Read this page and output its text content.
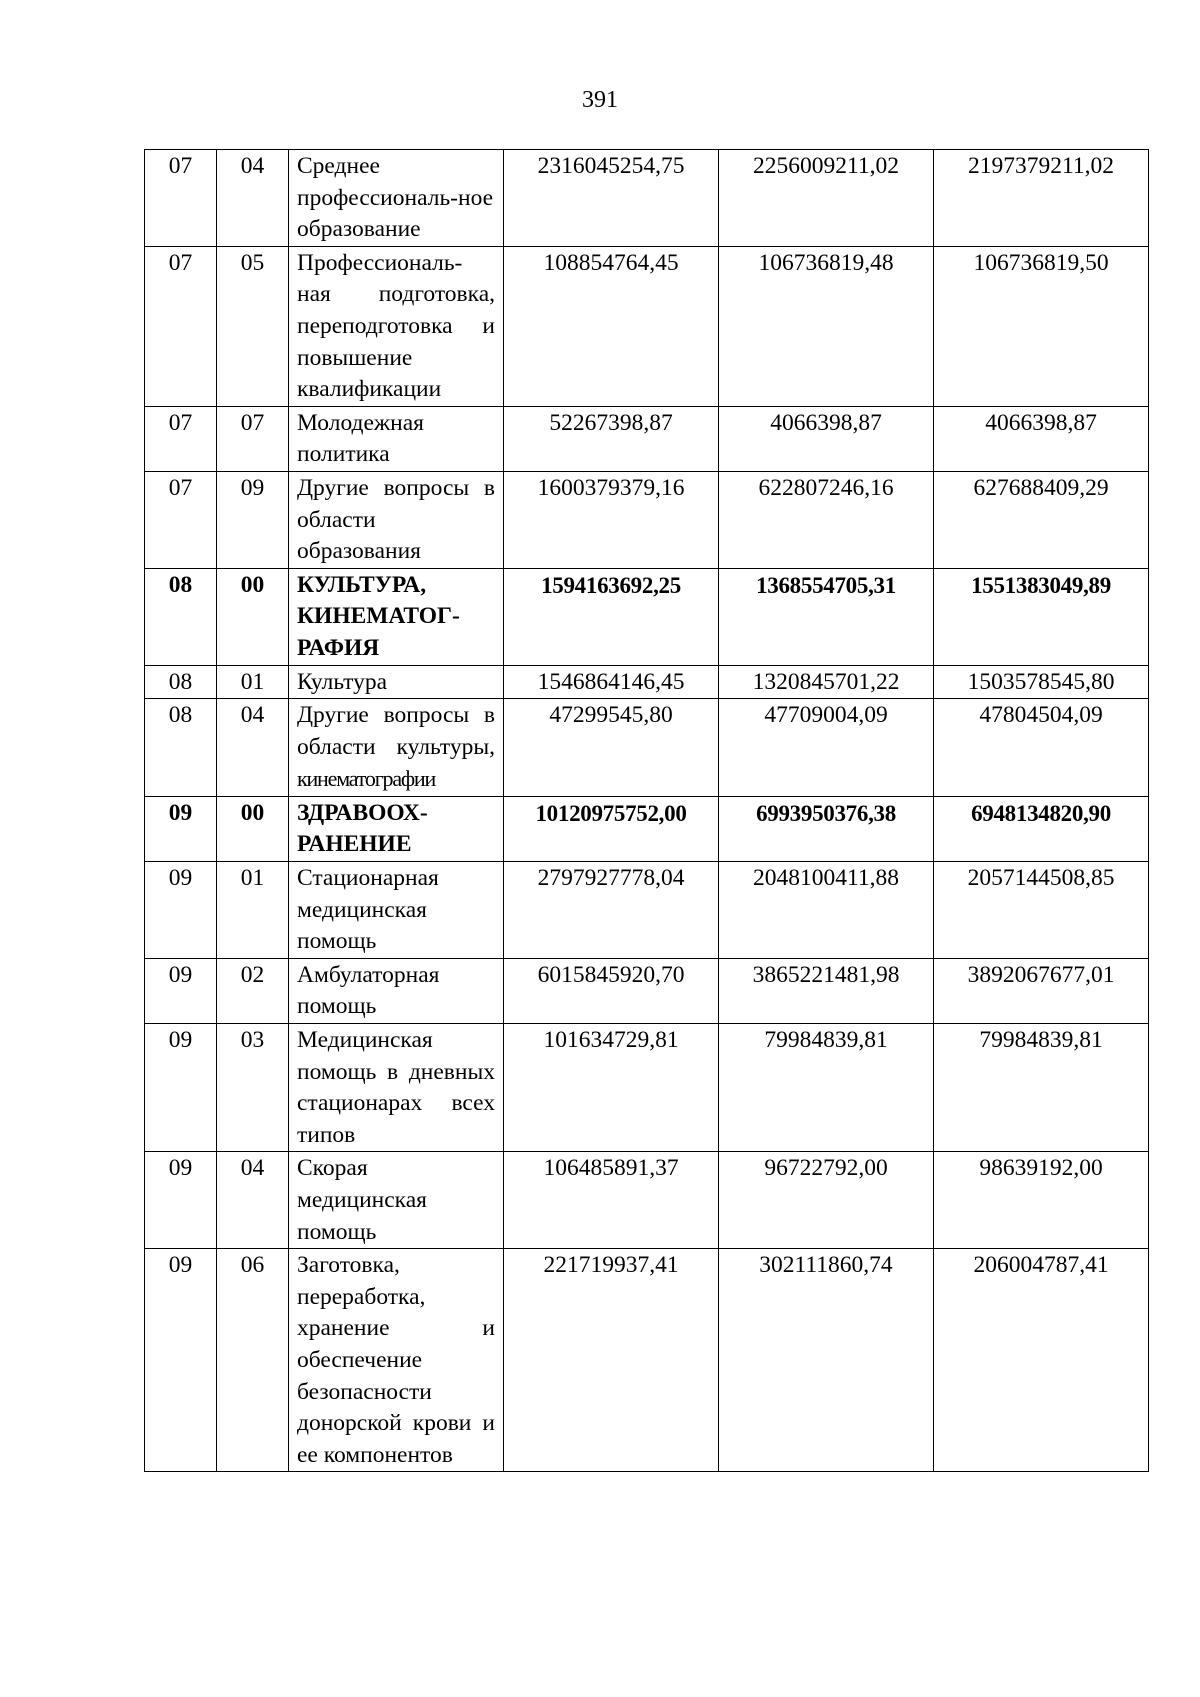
391
07	04	Среднее профессиональ-ное образование	2316045254,75	2256009211,02	2197379211,02
07	05	Профессиональ-ная подготовка, переподготовка и повышение квалификации	108854764,45	106736819,48	106736819,50
07	07	Молодежная политика	52267398,87	4066398,87	4066398,87
07	09	Другие вопросы в области образования	1600379379,16	622807246,16	627688409,29
08	00	КУЛЬТУРА, КИНЕМАТОГ-РАФИЯ	1594163692,25	1368554705,31	1551383049,89
08	01	Культура	1546864146,45	1320845701,22	1503578545,80
08	04	Другие вопросы в области культуры, кинематографии	47299545,80	47709004,09	47804504,09
09	00	ЗДРАВООХ-РАНЕНИЕ	10120975752,00	6993950376,38	6948134820,90
09	01	Стационарная медицинская помощь	2797927778,04	2048100411,88	2057144508,85
09	02	Амбулаторная помощь	6015845920,70	3865221481,98	3892067677,01
09	03	Медицинская помощь в дневных стационарах всех типов	101634729,81	79984839,81	79984839,81
09	04	Скорая медицинская помощь	106485891,37	96722792,00	98639192,00
09	06	Заготовка, переработка, хранение и обеспечение безопасности донорской крови и ее компонентов	221719937,41	302111860,74	206004787,41
